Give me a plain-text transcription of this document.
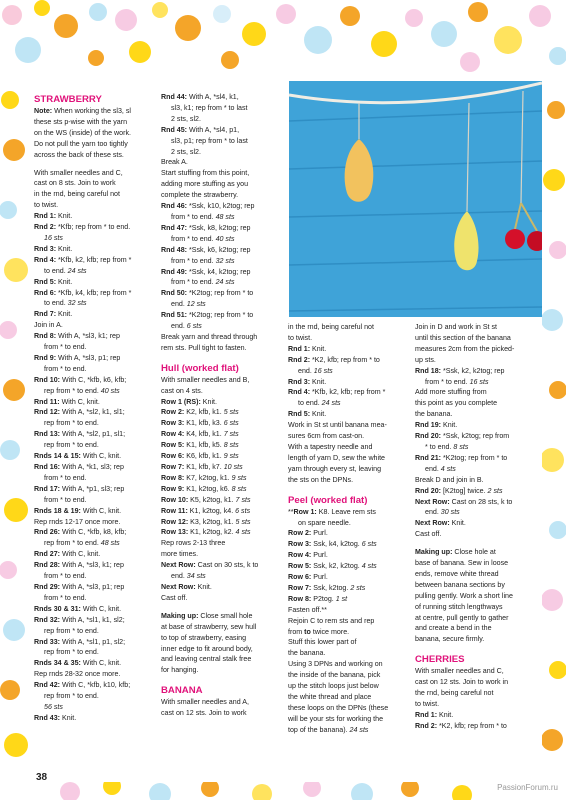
STRAWBERRY

Note: When working the sl3, sl

these sts p-wise with the yarn

on the WS (inside) of the work.

Do not pull the yarn too tightly

across the back of these sts.

With smaller needles and C,

cast on 8 sts. Join to work

in the rnd, being careful not

to twist.

Rnd 1: Knit.

Rnd 2: *Kfb; rep from * to end.

16 sts

Rnd 3: Knit.

Rnd 4: *Kfb, k2, kfb; rep from *

to end. 24 sts

Rnd 5: Knit.

Rnd 6: *Kfb, k4, kfb; rep from *

to end. 32 sts

Rnd 7: Knit.

Join in A.

Rnd 8: With A, *sl3, k1; rep

from * to end.

Rnd 9: With A, *sl3, p1; rep

from * to end.

Rnd 10: With C, *kfb, k6, kfb;

rep from * to end. 40 sts

Rnd 11: With C, knit.

Rnd 12: With A, *sl2, k1, sl1;

rep from * to end.

Rnd 13: With A, *sl2, p1, sl1;

rep from * to end.

Rnds 14 & 15: With C, knit.

Rnd 16: With A, *k1, sl3; rep

from * to end.

Rnd 17: With A, *p1, sl3; rep

from * to end.

Rnds 18 & 19: With C, knit.

Rep rnds 12-17 once more.

Rnd 26: With C, *kfb, k8, kfb;

rep from * to end. 48 sts

Rnd 27: With C, knit.

Rnd 28: With A, *sl3, k1; rep

from * to end.

Rnd 29: With A, *sl3, p1; rep

from * to end.

Rnds 30 & 31: With C, knit.

Rnd 32: With A, *sl1, k1, sl2;

rep from * to end.

Rnd 33: With A, *sl1, p1, sl2;

rep from * to end.

Rnds 34 & 35: With C, knit.

Rep rnds 28-32 once more.

Rnd 42: With C, *kfb, k10, kfb;

rep from * to end.

56 sts

Rnd 43: Knit.

Rnd 44: With A, *sl4, k1,

sl3, k1; rep from * to last

2 sts, sl2.

Rnd 45: With A, *sl4, p1,

sl3, p1; rep from * to last

2 sts, sl2.

Break A.

Start stuffing from this point,

adding more stuffing as you

complete the strawberry.

Rnd 46: *Ssk, k10, k2tog; rep

from * to end. 48 sts

Rnd 47: *Ssk, k8, k2tog; rep

from * to end. 40 sts

Rnd 48: *Ssk, k6, k2tog; rep

from * to end. 32 sts

Rnd 49: *Ssk, k4, k2tog; rep

from * to end. 24 sts

Rnd 50: *K2tog; rep from * to

end. 12 sts

Rnd 51: *K2tog; rep from * to

end. 6 sts

Break yarn and thread through

rem sts. Pull tight to fasten.

Hull (worked flat)

With smaller needles and B,

cast on 4 sts.

Row 1 (RS): Knit.

Row 2: K2, kfb, k1. 5 sts

Row 3: K1, kfb, k3. 6 sts

Row 4: K4, kfb, k1. 7 sts

Row 5: K1, kfb, k5. 8 sts

Row 6: K6, kfb, k1. 9 sts

Row 7: K1, kfb, k7. 10 sts

Row 8: K7, k2tog, k1. 9 sts

Row 9: K1, k2tog, k6. 8 sts

Row 10: K5, k2tog, k1. 7 sts

Row 11: K1, k2tog, k4. 6 sts

Row 12: K3, k2tog, k1. 5 sts

Row 13: K1, k2tog, k2. 4 sts

Rep rows 2-13 three

more times.

Next Row: Cast on 30 sts, k to

end. 34 sts

Next Row: Knit.

Cast off.

Making up: Close small hole

at base of strawberry, sew hull

to top of strawberry, easing

inner edge to fit around body,

and leaving central stalk free

for hanging.

BANANA

With smaller needles and A,

cast on 12 sts. Join to work

in the rnd, being careful not

to twist.

Rnd 1: Knit.

Rnd 2: *K2, kfb; rep from * to

end. 16 sts

Rnd 3: Knit.

Rnd 4: *Kfb, k2, kfb; rep from *

to end. 24 sts

Rnd 5: Knit.

Work in St st until banana mea-

sures 6cm from cast-on.

With a tapestry needle and

length of yarn D, sew the white

yarn through every st, leaving

the sts on the DPNs.

Peel (worked flat)

**Row 1: K8. Leave rem sts

on spare needle.

Row 2: Purl.

Row 3: Ssk, k4, k2tog. 6 sts

Row 4: Purl.

Row 5: Ssk, k2, k2tog. 4 sts

Row 6: Purl.

Row 7: Ssk, k2tog. 2 sts

Row 8: P2tog. 1 st

Fasten off.**

Rejoin C to rem sts and rep

from to twice more.

Stuff this lower part of

the banana.

Using 3 DPNs and working on

the inside of the banana, pick

up the stitch loops just below

the white thread and place

these loops on the DPNs (these

will be your sts for working the

top of the banana). 24 sts

Join in D and work in St st

until this section of the banana

measures 2cm from the picked-

up sts.

Rnd 18: *Ssk, k2, k2tog; rep

from * to end. 16 sts

Add more stuffing from

this point as you complete

the banana.

Rnd 19: Knit.

Rnd 20: *Ssk, k2tog; rep from

* to end. 8 sts

Rnd 21: *K2tog; rep from * to

end. 4 sts

Break D and join in B.

Rnd 20: [K2tog] twice. 2 sts

Next Row: Cast on 28 sts, k to

end. 30 sts

Next Row: Knit.

Cast off.

Making up: Close hole at

base of banana. Sew in loose

ends, remove white thread

between banana sections by

pulling gently. Work a short line

of running stitch lengthways

at centre, pull gently to gather

and create a bend in the

banana, secure firmly.

CHERRIES

With smaller needles and C,

cast on 12 sts. Join to work in

the rnd, being careful not

to twist.

Rnd 1: Knit.

Rnd 2: *K2, kfb; rep from * to

38
PassionForum.ru
